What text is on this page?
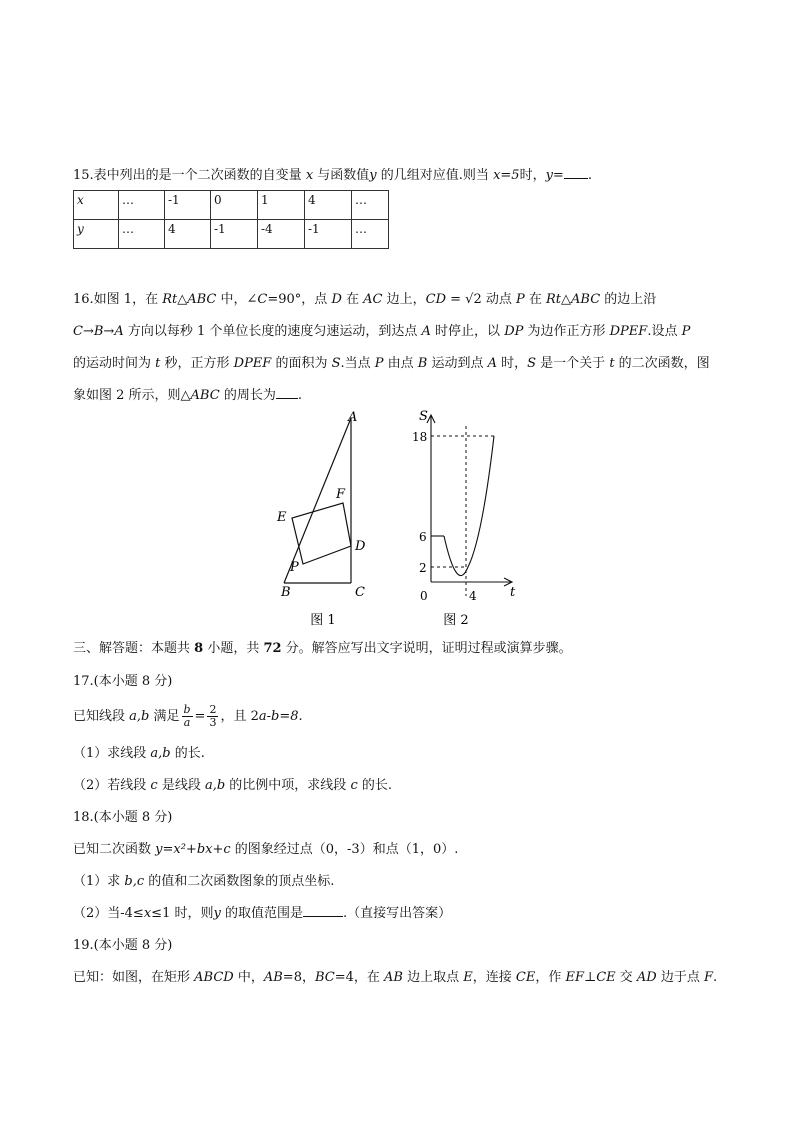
15.表中列出的是一个二次函数的自变量 x 与函数值y 的几组对应值.则当 x=5时，y= .
x	…	-1	0	1	4	…
y	…	4	-1	-4	-1	…
16.如图 1，在 Rt△ABC 中，∠C=90°，点 D 在 AC 边上，CD = √2 动点 P 在 Rt△ABC 的边上沿
C→B→A 方向以每秒 1 个单位长度的速度匀速运动，到达点 A 时停止，以 DP 为边作正方形 DPEF.设点 P
的运动时间为 t 秒，正方形 DPEF 的面积为 S.当点 P 由点 B 运动到点 A 时，S 是一个关于 t 的二次函数，图
象如图 2 所示，则△ABC 的周长为 .
A
B	C
D
E
F
P
图 1
S
t
0
18
6
2
4
图 2
三、解答题：本题共 8 小题，共 72 分。解答应写出文字说明，证明过程或演算步骤。
17.(本小题 8 分)
已知线段 a,b 满足 $\frac{b}{a} = \frac{2}{3}$ ，且 2a-b=8.
（1）求线段 a,b 的长.
（2）若线段 c 是线段 a,b 的比例中项，求线段 c 的长.
18.(本小题 8 分)
已知二次函数 y=x²+bx+c 的图象经过点（0，-3）和点（1，0）.
（1）求 b,c 的值和二次函数图象的顶点坐标.
（2）当-4≤x≤1 时，则y 的取值范围是	.（直接写出答案）
19.(本小题 8 分)
已知：如图，在矩形 ABCD 中，AB=8，BC=4，在 AB 边上取点 E，连接 CE，作 EF⊥CE 交 AD 边于点 F.
